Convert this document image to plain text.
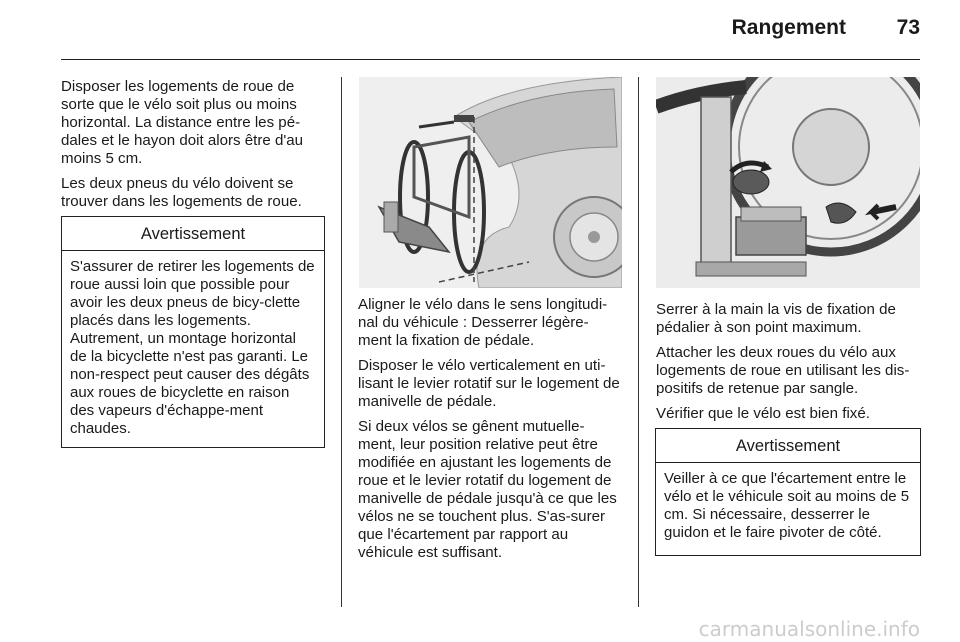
Rangement 73

Disposer les logements de roue de sorte que le vélo soit plus ou moins horizontal. La distance entre les pé-dales et le hayon doit alors être d'au moins 5 cm.

Les deux pneus du vélo doivent se trouver dans les logements de roue.

Avertissement
S'assurer de retirer les logements de roue aussi loin que possible pour avoir les deux pneus de bicy-clette placés dans les logements. Autrement, un montage horizontal de la bicyclette n'est pas garanti. Le non-respect peut causer des dégâts aux roues de bicyclette en raison des vapeurs d'échappe-ment chaudes.

Aligner le vélo dans le sens longitudi-nal du véhicule : Desserrer légère-ment la fixation de pédale.

Disposer le vélo verticalement en uti-lisant le levier rotatif sur le logement de manivelle de pédale.

Si deux vélos se gênent mutuelle-ment, leur position relative peut être modifiée en ajustant les logements de roue et le levier rotatif du logement de manivelle de pédale jusqu'à ce que les vélos ne se touchent plus. S'as-surer que l'écartement par rapport au véhicule est suffisant.

Serrer à la main la vis de fixation de pédalier à son point maximum.

Attacher les deux roues du vélo aux logements de roue en utilisant les dis-positifs de retenue par sangle.

Vérifier que le vélo est bien fixé.

Avertissement
Veiller à ce que l'écartement entre le vélo et le véhicule soit au moins de 5 cm. Si nécessaire, desserrer le guidon et le faire pivoter de côté.
carmanualsonline.info
